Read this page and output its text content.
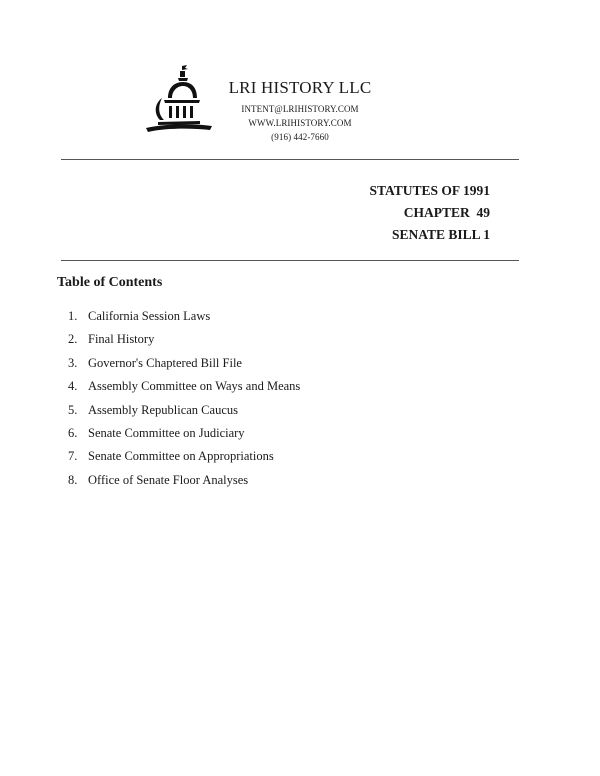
LRI HISTORY LLC
INTENT@LRIHISTORY.COM
WWW.LRIHISTORY.COM
(916) 442-7660
STATUTES OF 1991
CHAPTER  49
SENATE BILL 1
Table of Contents
1. California Session Laws
2. Final History
3. Governor's Chaptered Bill File
4. Assembly Committee on Ways and Means
5. Assembly Republican Caucus
6. Senate Committee on Judiciary
7. Senate Committee on Appropriations
8. Office of Senate Floor Analyses
